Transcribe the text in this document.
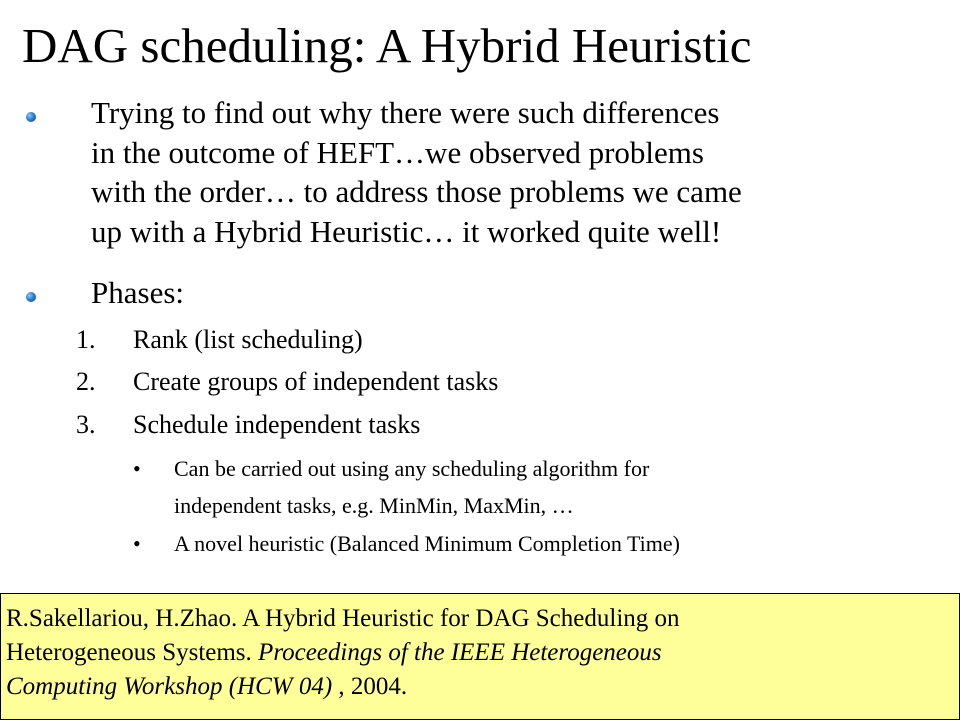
DAG scheduling: A Hybrid Heuristic
Trying to find out why there were such differences
in the outcome of HEFT…we observed problems
with the order… to address those problems we came
up with a Hybrid Heuristic… it worked quite well!
Phases:
1. Rank (list scheduling)
2. Create groups of independent tasks
3. Schedule independent tasks
• Can be carried out using any scheduling algorithm for
independent tasks, e.g. MinMin, MaxMin, …
• A novel heuristic (Balanced Minimum Completion Time)
R.Sakellariou, H.Zhao. A Hybrid Heuristic for DAG Scheduling on
Heterogeneous Systems. Proceedings of the IEEE Heterogeneous
Computing Workshop (HCW 04) , 2004.
